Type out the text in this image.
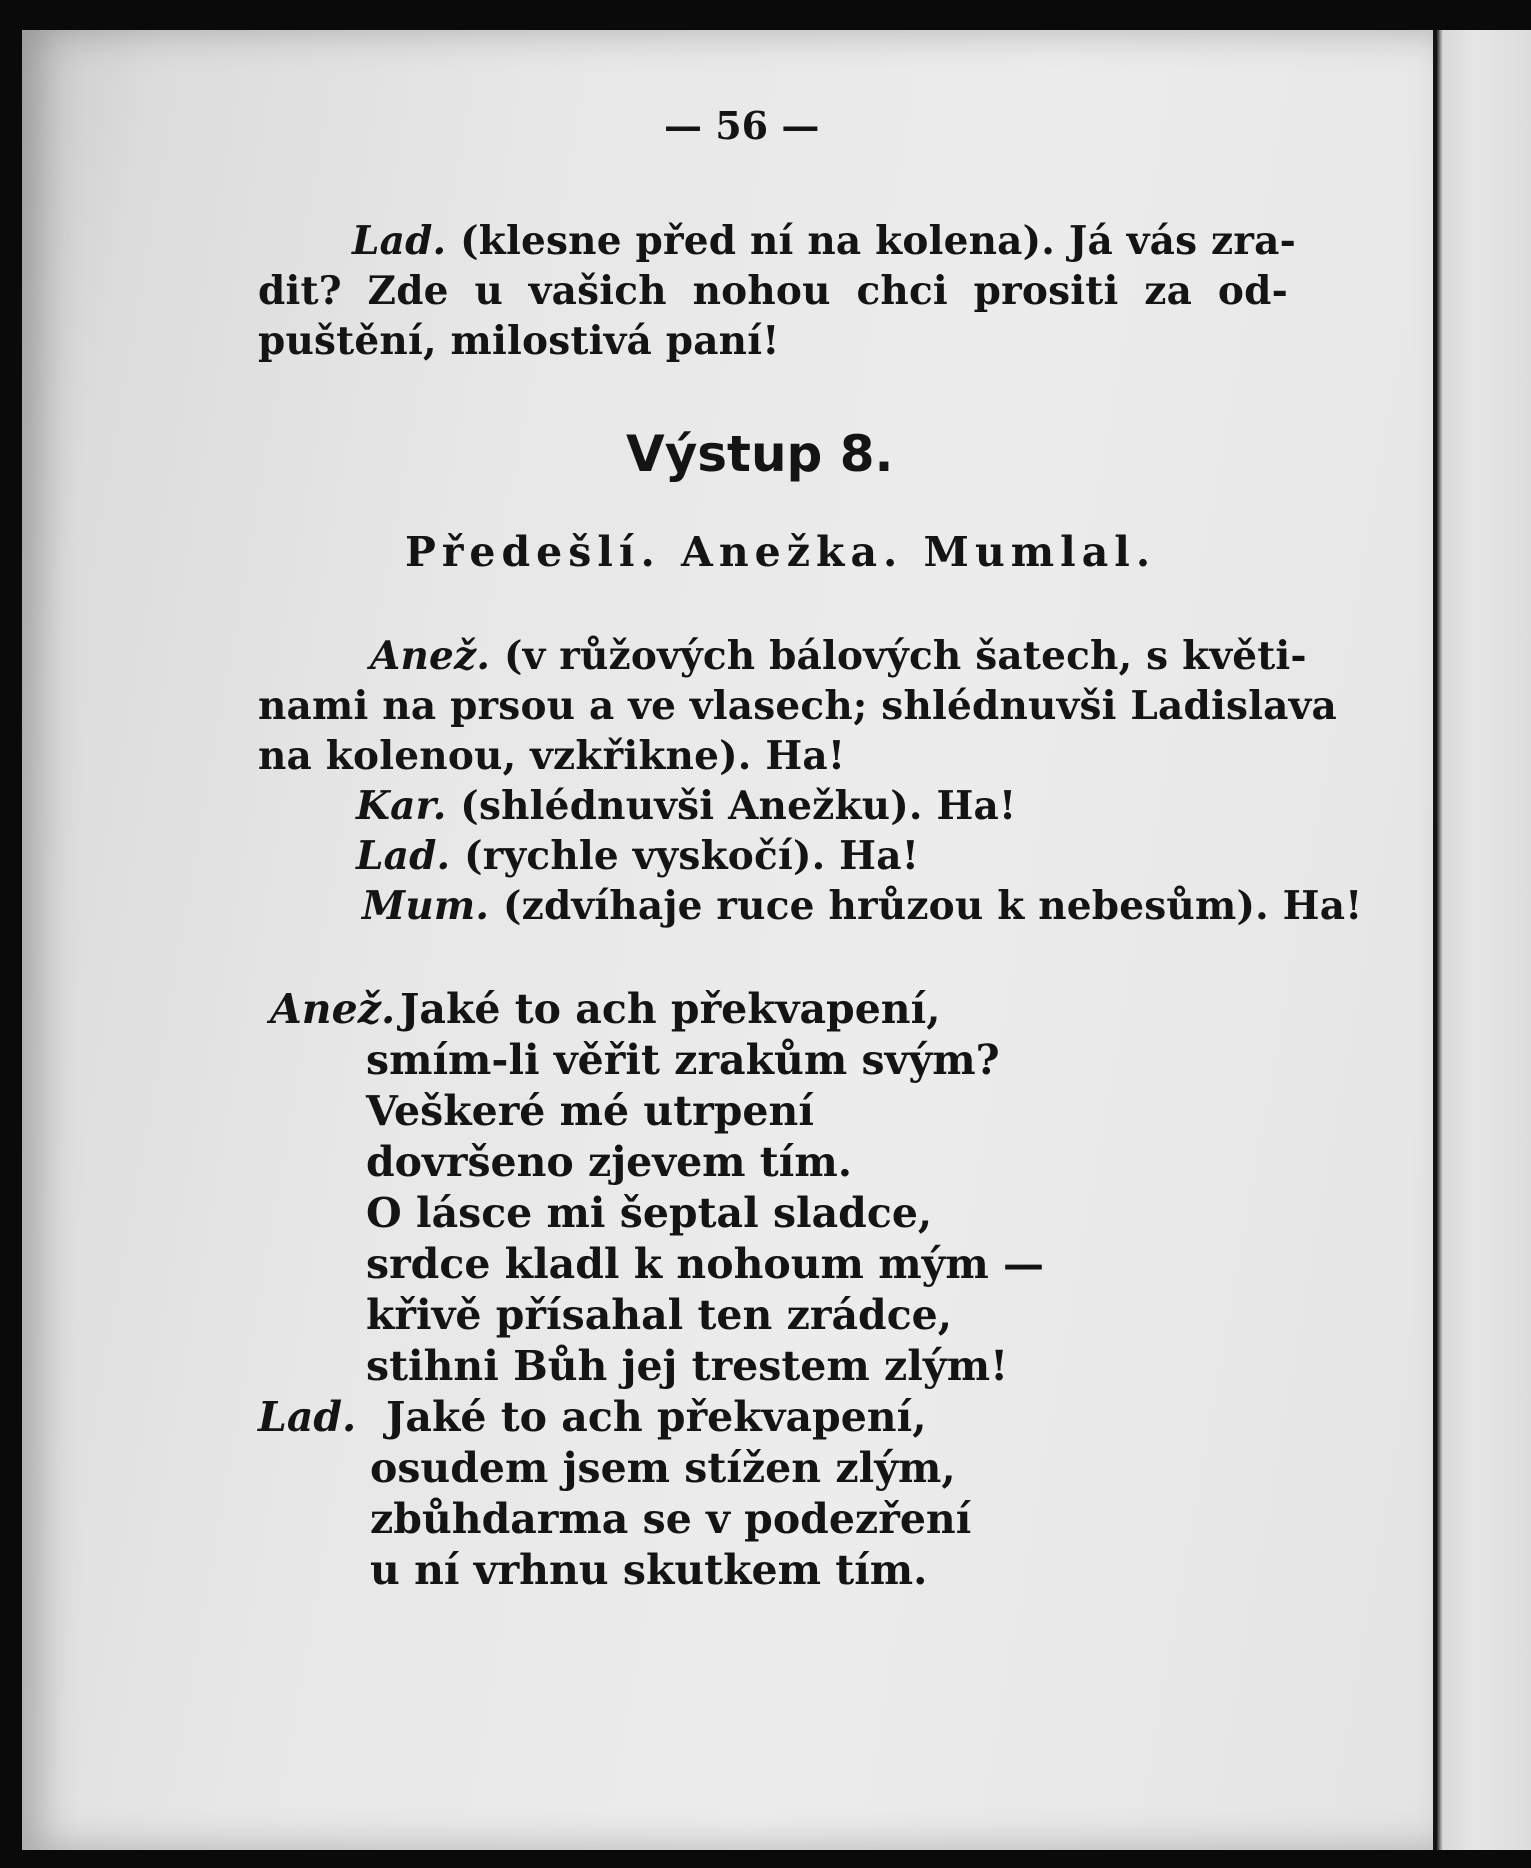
— 56 —
Lad. (klesne před ní na kolena). Já vás zra-
dit? Zde u vašich nohou chci prositi za od-
puštění, milostivá paní!
Výstup 8.
Předešlí. Anežka. Mumlal.
Anež. (v růžových bálových šatech, s květi-
nami na prsou a ve vlasech; shlédnuvši Ladislava
na kolenou, vzkřikne). Ha!
Kar. (shlédnuvši Anežku). Ha!
Lad. (rychle vyskočí). Ha!
Mum. (zdvíhaje ruce hrůzou k nebesům). Ha!
Anež. Jaké to ach překvapení,
smím-li věřit zrakům svým?
Veškeré mé utrpení
dovršeno zjevem tím.
O lásce mi šeptal sladce,
srdce kladl k nohoum mým —
křivě přísahal ten zrádce,
stihni Bůh jej trestem zlým!
Lad. Jaké to ach překvapení,
osudem jsem stížen zlým,
zbůhdarma se v podezření
u ní vrhnu skutkem tím.
